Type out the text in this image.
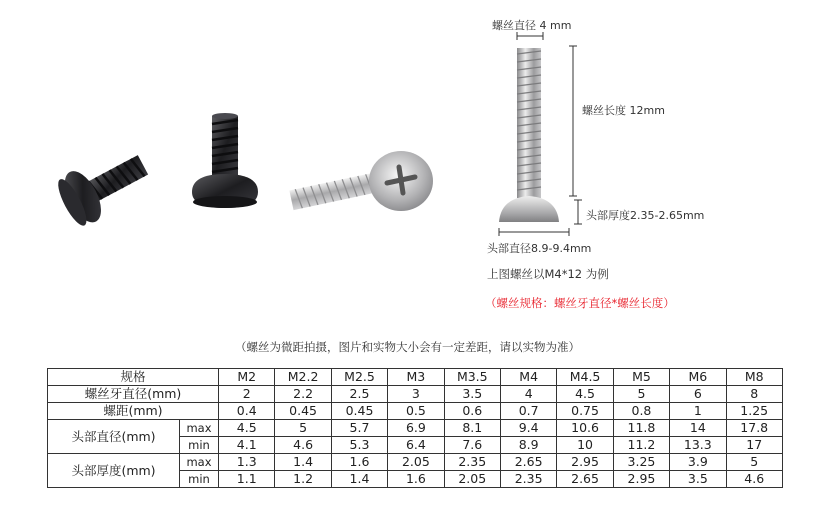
螺丝直径 4 mm
螺丝长度 12mm
头部厚度2.35-2.65mm
头部直径8.9-9.4mm
上图螺丝以M4*12 为例
（螺丝规格：螺丝牙直径*螺丝长度）
（螺丝为微距拍摄，图片和实物大小会有一定差距，请以实物为准）
规格		M2	M2.2	M2.5	M3	M3.5	M4	M4.5	M5	M6	M8
螺丝牙直径(mm)		2	2.2	2.5	3	3.5	4	4.5	5	6	8
螺距(mm)		0.4	0.45	0.45	0.5	0.6	0.7	0.75	0.8	1	1.25
头部直径(mm)	max	4.5	5	5.7	6.9	8.1	9.4	10.6	11.8	14	17.8
	min	4.1	4.6	5.3	6.4	7.6	8.9	10	11.2	13.3	17
头部厚度(mm)	max	1.3	1.4	1.6	2.05	2.35	2.65	2.95	3.25	3.9	5
	min	1.1	1.2	1.4	1.6	2.05	2.35	2.65	2.95	3.5	4.6
